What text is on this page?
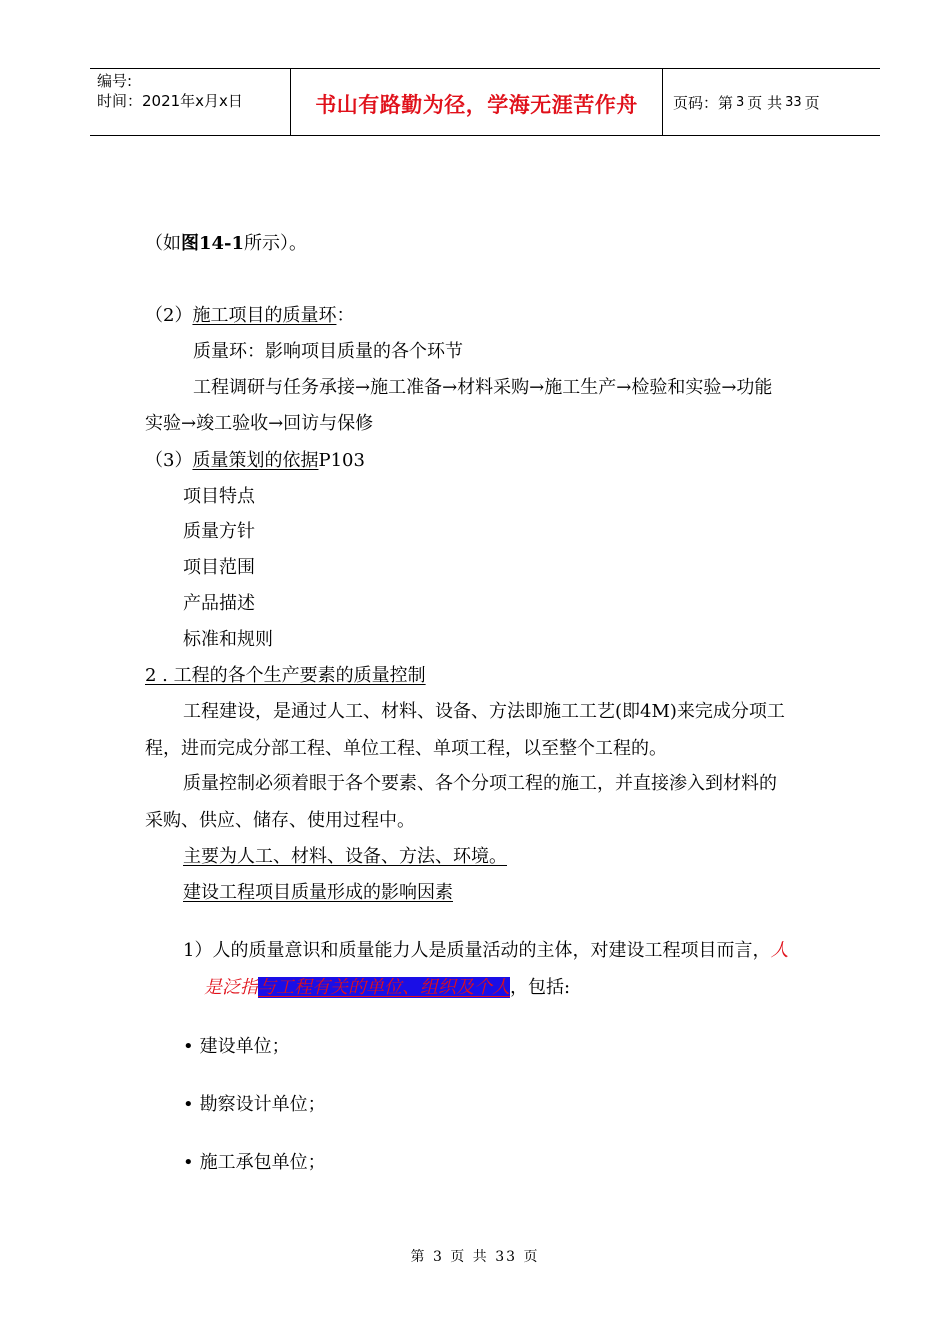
编号:
时间：2021年x月x日	书山有路勤为径，学海无涯苦作舟 页码：第 3 页 共 33 页
（如图14-1所示）。
（2）施工项目的质量环：
质量环：影响项目质量的各个环节
工程调研与任务承接→施工准备→材料采购→施工生产→检验和实验→功能
实验→竣工验收→回访与保修
（3）质量策划的依据P103
项目特点
质量方针
项目范围
产品描述
标准和规则
2 . 工程的各个生产要素的质量控制
工程建设，是通过人工、材料、设备、方法即施工工艺(即4M)来完成分项工
程，进而完成分部工程、单位工程、单项工程，以至整个工程的。
质量控制必须着眼于各个要素、各个分项工程的施工，并直接渗入到材料的
采购、供应、储存、使用过程中。
主要为人工、材料、设备、方法、环境。
建设工程项目质量形成的影响因素
1）人的质量意识和质量能力人是质量活动的主体，对建设工程项目而言，人
是泛指与工程有关的单位、组织及个人，包括:
• 建设单位；
• 勘察设计单位；
• 施工承包单位；
第 3 页 共 33 页
